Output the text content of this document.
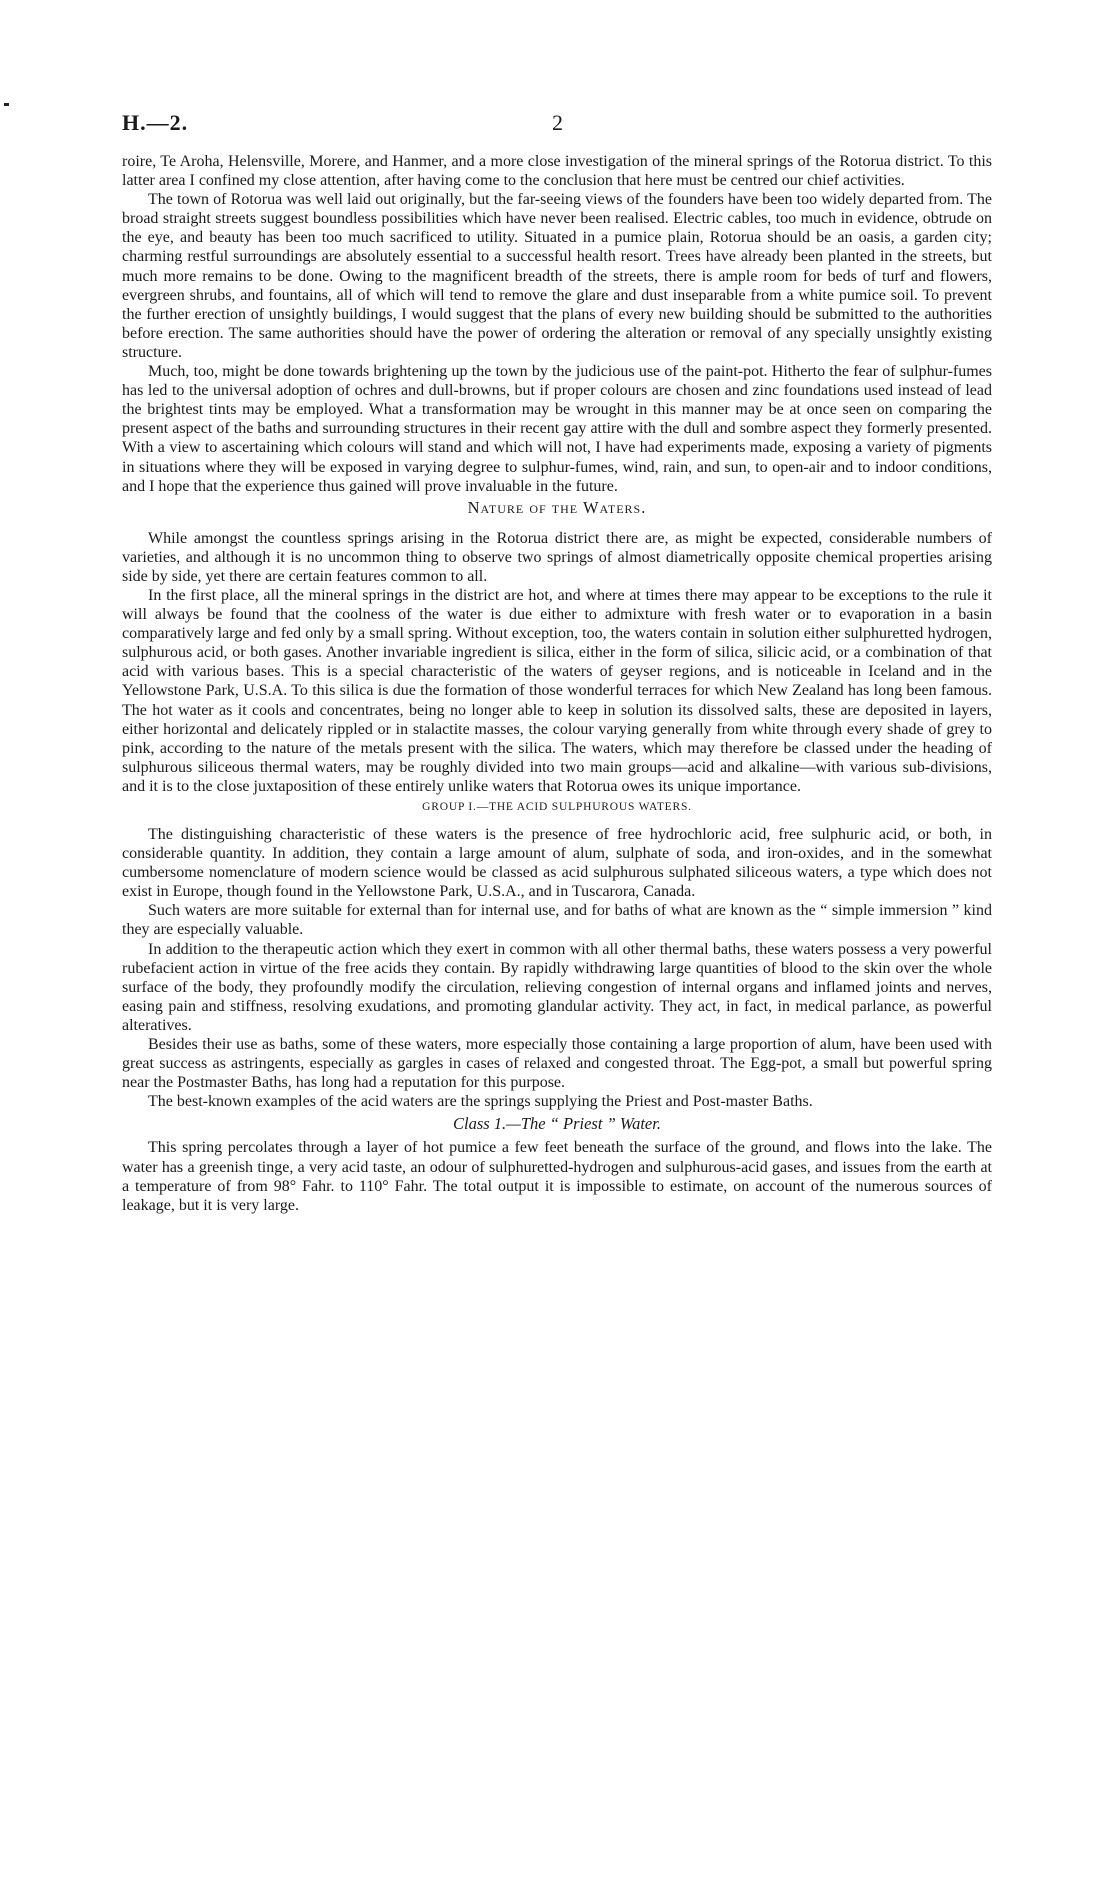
H.—2.	2

roire, Te Aroha, Helensville, Morere, and Hanmer, and a more close investigation of the mineral springs of the Rotorua district. To this latter area I confined my close attention, after having come to the conclusion that here must be centred our chief activities.

The town of Rotorua was well laid out originally, but the far-seeing views of the founders have been too widely departed from. The broad straight streets suggest boundless possibilities which have never been realised. Electric cables, too much in evidence, obtrude on the eye, and beauty has been too much sacrificed to utility. Situated in a pumice plain, Rotorua should be an oasis, a garden city; charming restful surroundings are absolutely essential to a successful health resort. Trees have already been planted in the streets, but much more remains to be done. Owing to the magnificent breadth of the streets, there is ample room for beds of turf and flowers, evergreen shrubs, and fountains, all of which will tend to remove the glare and dust inseparable from a white pumice soil. To prevent the further erection of unsightly buildings, I would suggest that the plans of every new building should be submitted to the authorities before erection. The same authorities should have the power of ordering the alteration or removal of any specially unsightly existing structure.

Much, too, might be done towards brightening up the town by the judicious use of the paint-pot. Hitherto the fear of sulphur-fumes has led to the universal adoption of ochres and dull-browns, but if proper colours are chosen and zinc foundations used instead of lead the brightest tints may be employed. What a transformation may be wrought in this manner may be at once seen on comparing the present aspect of the baths and surrounding structures in their recent gay attire with the dull and sombre aspect they formerly presented. With a view to ascertaining which colours will stand and which will not, I have had experiments made, exposing a variety of pigments in situations where they will be exposed in varying degree to sulphur-fumes, wind, rain, and sun, to open-air and to indoor conditions, and I hope that the experience thus gained will prove invaluable in the future.

Nature of the Waters.

While amongst the countless springs arising in the Rotorua district there are, as might be expected, considerable numbers of varieties, and although it is no uncommon thing to observe two springs of almost diametrically opposite chemical properties arising side by side, yet there are certain features common to all.

In the first place, all the mineral springs in the district are hot, and where at times there may appear to be exceptions to the rule it will always be found that the coolness of the water is due either to admixture with fresh water or to evaporation in a basin comparatively large and fed only by a small spring. Without exception, too, the waters contain in solution either sulphuretted hydrogen, sulphurous acid, or both gases. Another invariable ingredient is silica, either in the form of silica, silicic acid, or a combination of that acid with various bases. This is a special characteristic of the waters of geyser regions, and is noticeable in Iceland and in the Yellowstone Park, U.S.A. To this silica is due the formation of those wonderful terraces for which New Zealand has long been famous. The hot water as it cools and concentrates, being no longer able to keep in solution its dissolved salts, these are deposited in layers, either horizontal and delicately rippled or in stalactite masses, the colour varying generally from white through every shade of grey to pink, according to the nature of the metals present with the silica. The waters, which may therefore be classed under the heading of sulphurous siliceous thermal waters, may be roughly divided into two main groups—acid and alkaline—with various sub-divisions, and it is to the close juxtaposition of these entirely unlike waters that Rotorua owes its unique importance.

GROUP I.—THE ACID SULPHUROUS WATERS.

The distinguishing characteristic of these waters is the presence of free hydrochloric acid, free sulphuric acid, or both, in considerable quantity. In addition, they contain a large amount of alum, sulphate of soda, and iron-oxides, and in the somewhat cumbersome nomenclature of modern science would be classed as acid sulphurous sulphated siliceous waters, a type which does not exist in Europe, though found in the Yellowstone Park, U.S.A., and in Tuscarora, Canada.

Such waters are more suitable for external than for internal use, and for baths of what are known as the “ simple immersion ” kind they are especially valuable.

In addition to the therapeutic action which they exert in common with all other thermal baths, these waters possess a very powerful rubefacient action in virtue of the free acids they contain. By rapidly withdrawing large quantities of blood to the skin over the whole surface of the body, they profoundly modify the circulation, relieving congestion of internal organs and inflamed joints and nerves, easing pain and stiffness, resolving exudations, and promoting glandular activity. They act, in fact, in medical parlance, as powerful alteratives.

Besides their use as baths, some of these waters, more especially those containing a large proportion of alum, have been used with great success as astringents, especially as gargles in cases of relaxed and congested throat. The Egg-pot, a small but powerful spring near the Postmaster Baths, has long had a reputation for this purpose.

The best-known examples of the acid waters are the springs supplying the Priest and Post-master Baths.

Class 1.—The “ Priest ” Water.

This spring percolates through a layer of hot pumice a few feet beneath the surface of the ground, and flows into the lake. The water has a greenish tinge, a very acid taste, an odour of sulphuretted-hydrogen and sulphurous-acid gases, and issues from the earth at a temperature of from 98° Fahr. to 110° Fahr. The total output it is impossible to estimate, on account of the numerous sources of leakage, but it is very large.
